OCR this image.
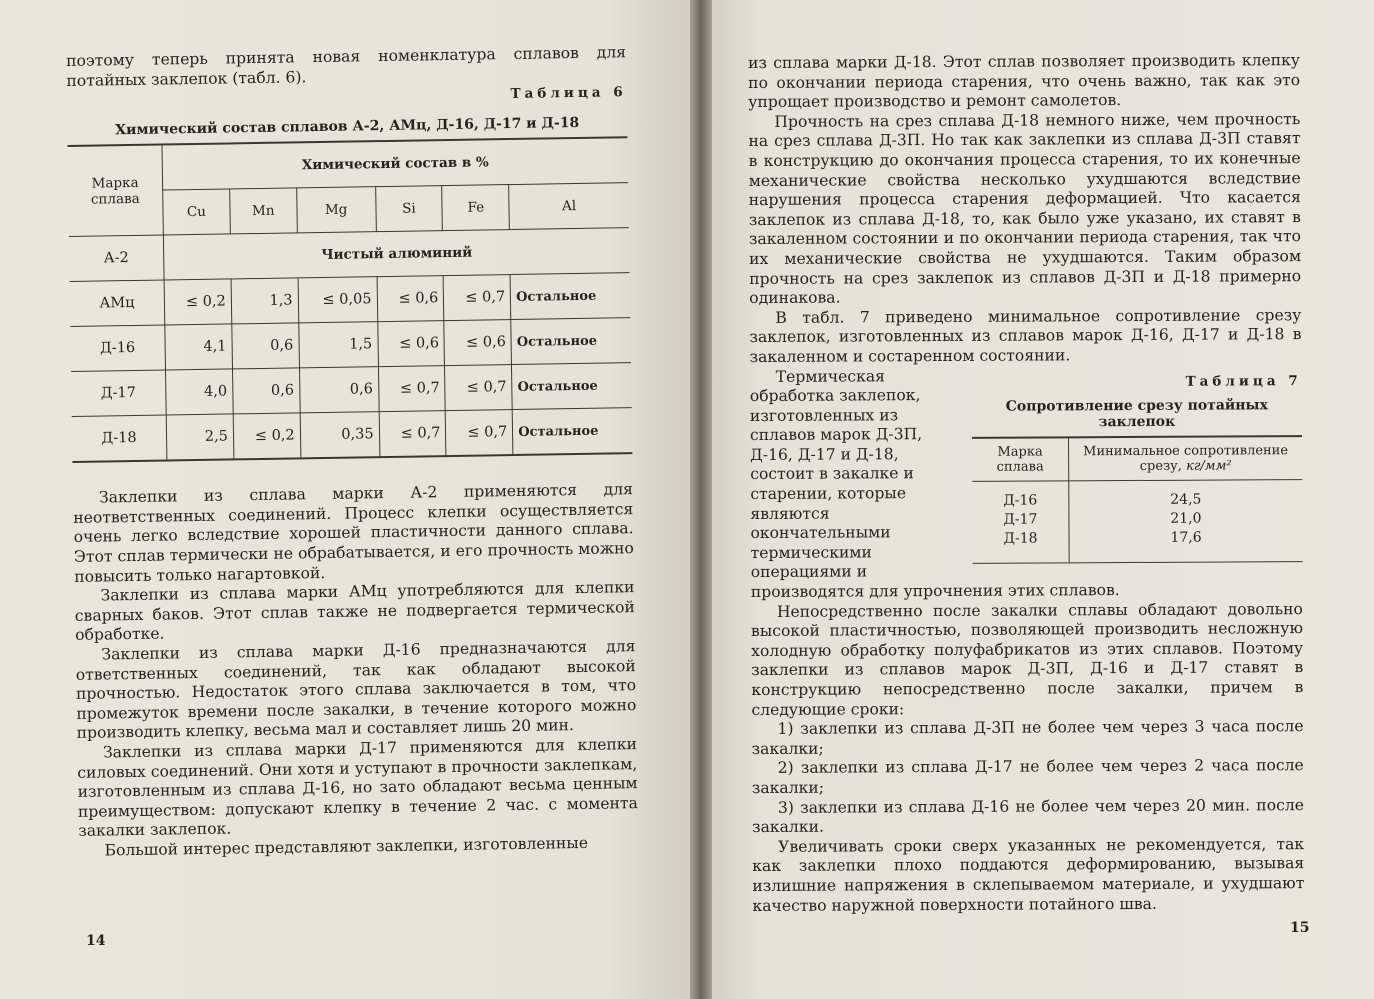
поэтому теперь принята новая номенклатура сплавов для потайных заклепок (табл. 6).

Таблица 6
Химический состав сплавов А-2, АМц, Д-16, Д-17 и Д-18
Марка сплава	Химический состав в %					
	Cu	Mn	Mg	Si	Fe	Al
А-2	Чистый алюминий					
АМц	≤ 0,2	1,3	≤ 0,05	≤ 0,6	≤ 0,7	Остальное
Д-16	4,1	0,6	1,5	≤ 0,6	≤ 0,6	Остальное
Д-17	4,0	0,6	0,6	≤ 0,7	≤ 0,7	Остальное
Д-18	2,5	≤ 0,2	0,35	≤ 0,7	≤ 0,7	Остальное

Заклепки из сплава марки А-2 применяются для неответственных соединений. Процесс клепки осуществляется очень легко вследствие хорошей пластичности данного сплава. Этот сплав термически не обрабатывается, и его прочность можно повысить только нагартовкой.

Заклепки из сплава марки АМц употребляются для клепки сварных баков. Этот сплав также не подвергается термической обработке.

Заклепки из сплава марки Д-16 предназначаются для ответственных соединений, так как обладают высокой прочностью. Недостаток этого сплава заключается в том, что промежуток времени после закалки, в течение которого можно производить клепку, весьма мал и составляет лишь 20 мин.

Заклепки из сплава марки Д-17 применяются для клепки силовых соединений. Они хотя и уступают в прочности заклепкам, изготовленным из сплава Д-16, но зато обладают весьма ценным преимуществом: допускают клепку в течение 2 час. с момента закалки заклепок.

Большой интерес представляют заклепки, изготовленные

14

из сплава марки Д-18. Этот сплав позволяет производить клепку по окончании периода старения, что очень важно, так как это упрощает производство и ремонт самолетов.

Прочность на срез сплава Д-18 немного ниже, чем прочность на срез сплава Д-3П. Но так как заклепки из сплава Д-3П ставят в конструкцию до окончания процесса старения, то их конечные механические свойства несколько ухудшаются вследствие нарушения процесса старения деформацией. Что касается заклепок из сплава Д-18, то, как было уже указано, их ставят в закаленном состоянии и по окончании периода старения, так что их механические свойства не ухудшаются. Таким образом прочность на срез заклепок из сплавов Д-3П и Д-18 примерно одинакова.

В табл. 7 приведено минимальное сопротивление срезу заклепок, изготовленных из сплавов марок Д-16, Д-17 и Д-18 в закаленном и состаренном состоянии.

Таблица 7
Сопротивление срезу потайных заклепок
Марка сплава	Минимальное сопротивление срезу, кг/мм²
Д-16	24,5
Д-17	21,0
Д-18	17,6

Термическая обработка заклепок, изготовленных из сплавов марок Д-3П, Д-16, Д-17 и Д-18, состоит в закалке и старении, которые являются окончательными термическими операциями и производятся для упрочнения этих сплавов.

Непосредственно после закалки сплавы обладают довольно высокой пластичностью, позволяющей производить несложную холодную обработку полуфабрикатов из этих сплавов. Поэтому заклепки из сплавов марок Д-3П, Д-16 и Д-17 ставят в конструкцию непосредственно после закалки, причем в следующие сроки:

1) заклепки из сплава Д-3П не более чем через 3 часа после закалки;

2) заклепки из сплава Д-17 не более чем через 2 часа после закалки;

3) заклепки из сплава Д-16 не более чем через 20 мин. после закалки.

Увеличивать сроки сверх указанных не рекомендуется, так как заклепки плохо поддаются деформированию, вызывая излишние напряжения в склепываемом материале, и ухудшают качество наружной поверхности потайного шва.

15
